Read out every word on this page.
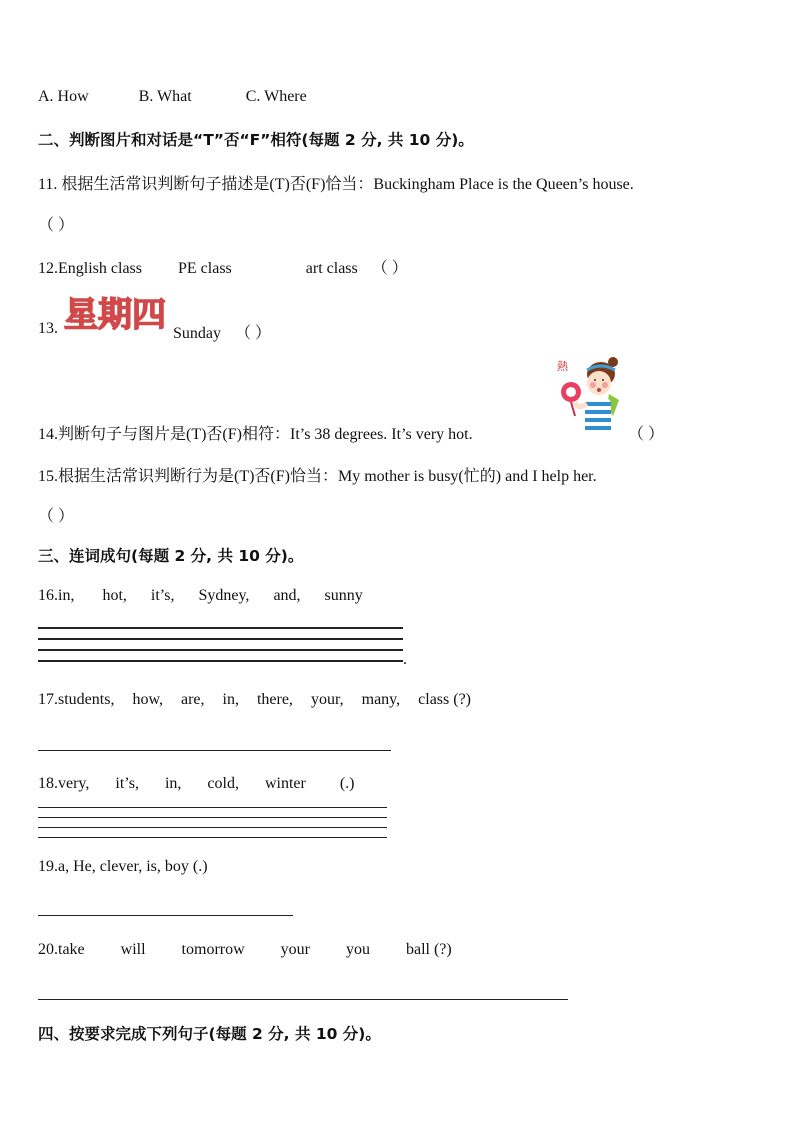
A. How	B. What	C. Where
二、判断图片和对话是“T”否“F”相符(每题 2 分, 共 10 分)。
11. 根据生活常识判断句子描述是(T)否(F)恰当：Buckingham Place is the Queen’s house.
（ ）
12.English class PE class	art class （ ）
13. 星期四 Sunday （ ）
熱
14.判断句子与图片是(T)否(F)相符：It’s 38 degrees. It’s very hot.	（ ）
15.根据生活常识判断行为是(T)否(F)恰当：My mother is busy(忙的) and I help her.
（ ）
三、连词成句(每题 2 分, 共 10 分)。
16.in, hot, it’s, Sydney, and, sunny
.
17.students, how, are, in, there, your, many, class (?)
18.very, it’s, in, cold, winter (.)
19.a, He, clever, is, boy (.)
20.take will tomorrow your you ball (?)
四、按要求完成下列句子(每题 2 分, 共 10 分)。
